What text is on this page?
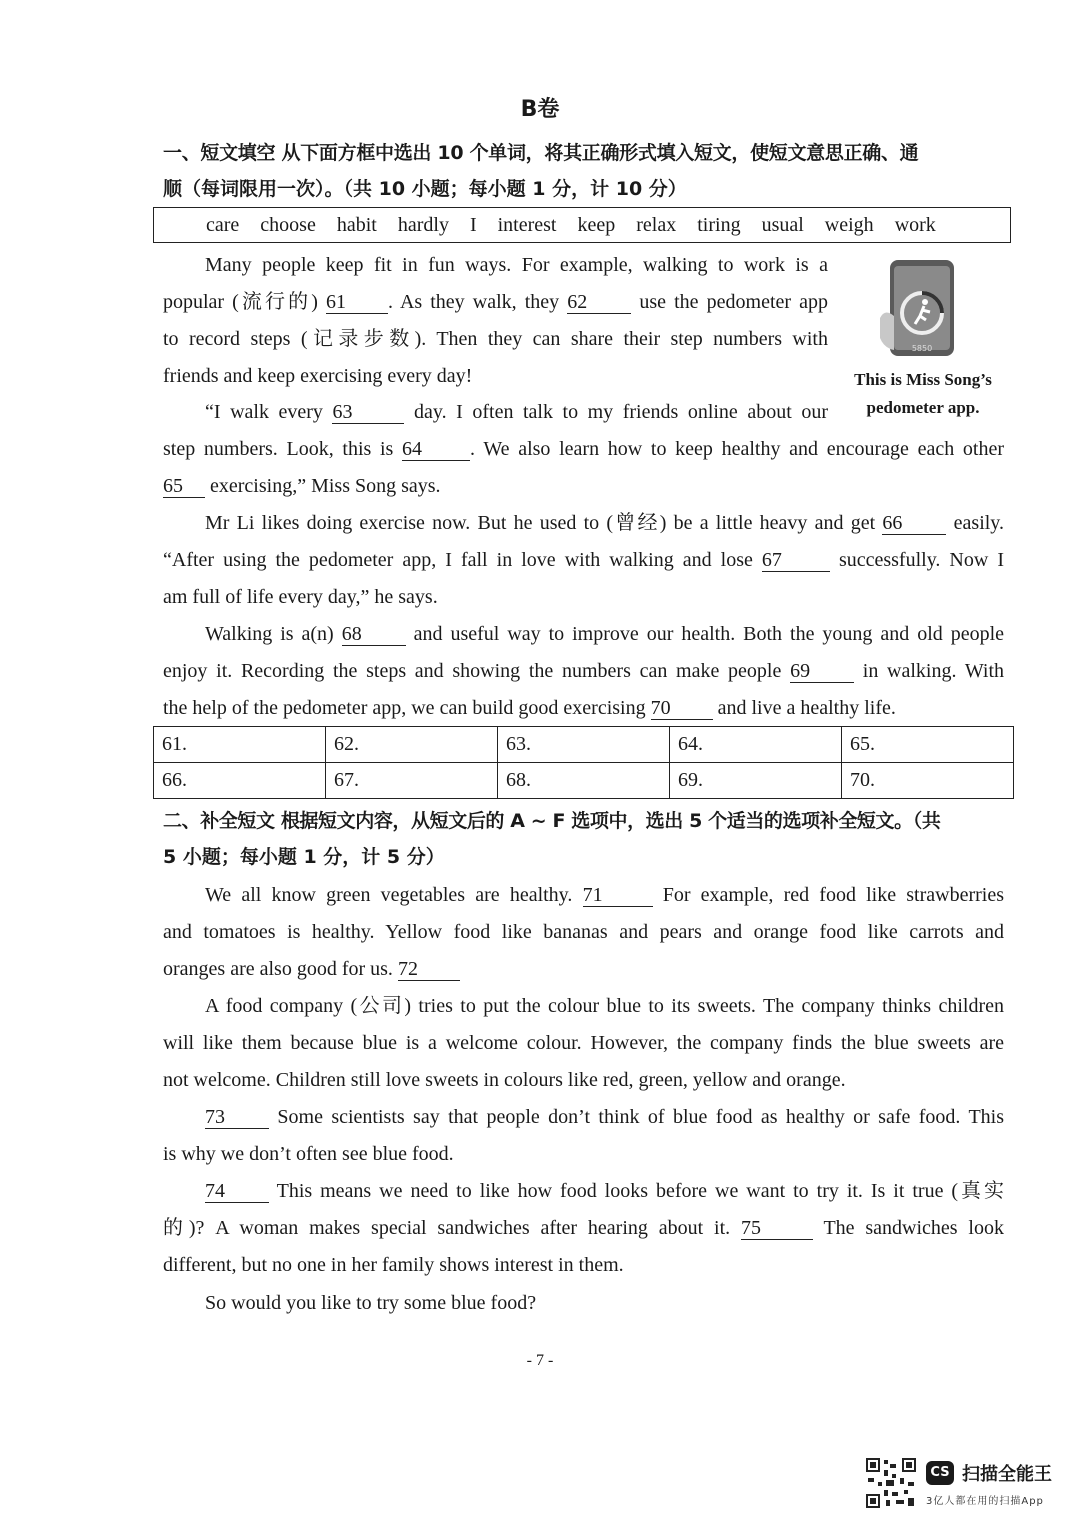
B卷
一、短文填空 从下面方框中选出 10 个单词，将其正确形式填入短文，使短文意思正确、通
顺（每词限用一次）。（共 10 小题；每小题 1 分，计 10 分）
care choose habit hardly I interest keep relax tiring usual weigh work
5850
This is Miss Song’s
pedometer app.
Many people keep fit in fun ways. For example, walking to work is a
popular (流行的) 61 . As they walk, they 62	use the pedometer app
to record steps (记录步数). Then they can share their step numbers with
friends and keep exercising every day!
“I walk every 63	day. I often talk to my friends online about our
step numbers. Look, this is 64 . We also learn how to keep healthy and encourage each other
65 exercising,” Miss Song says.
Mr Li likes doing exercise now. But he used to (曾经) be a little heavy and get 66	easily.
“After using the pedometer app, I fall in love with walking and lose 67	successfully. Now I
am full of life every day,” he says.
Walking is a(n) 68	and useful way to improve our health. Both the young and old people
enjoy it. Recording the steps and showing the numbers can make people 69	in walking. With
the help of the pedometer app, we can build good exercising 70 and live a healthy life.
61.	62.	63.	64.	65.
66.	67.	68.	69.	70.
二、补全短文 根据短文内容，从短文后的 A ~ F 选项中，选出 5 个适当的选项补全短文。（共
5 小题；每小题 1 分，计 5 分）
We all know green vegetables are healthy. 71	For example, red food like strawberries
and tomatoes is healthy. Yellow food like bananas and pears and orange food like carrots and
oranges are also good for us. 72
A food company (公司) tries to put the colour blue to its sweets. The company thinks children
will like them because blue is a welcome colour. However, the company finds the blue sweets are
not welcome. Children still love sweets in colours like red, green, yellow and orange.
73	Some scientists say that people don’t think of blue food as healthy or safe food. This
is why we don’t often see blue food.
74	This means we need to like how food looks before we want to try it. Is it true (真实
的)? A woman makes special sandwiches after hearing about it. 75	The sandwiches look
different, but no one in her family shows interest in them.
So would you like to try some blue food?
- 7 -
CS 扫描全能王
3亿人都在用的扫描App
